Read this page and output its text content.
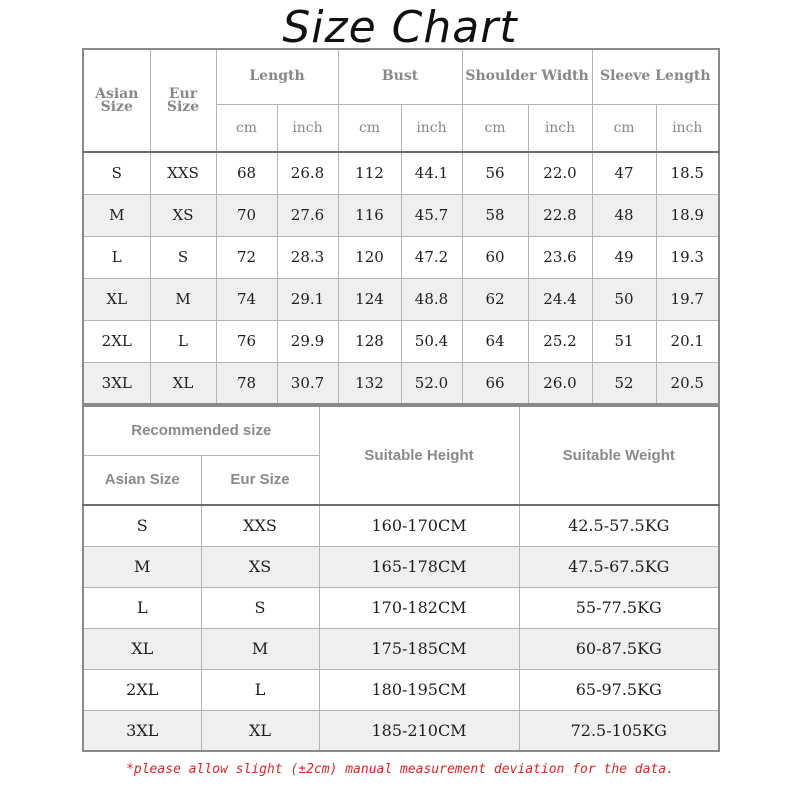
Size Chart
Asian Size	Eur Size	Length		Bust		Shoulder Width		Sleeve Length	
		cm	inch	cm	inch	cm	inch	cm	inch
S	XXS	68	26.8	112	44.1	56	22.0	47	18.5
M	XS	70	27.6	116	45.7	58	22.8	48	18.9
L	S	72	28.3	120	47.2	60	23.6	49	19.3
XL	M	74	29.1	124	48.8	62	24.4	50	19.7
2XL	L	76	29.9	128	50.4	64	25.2	51	20.1
3XL	XL	78	30.7	132	52.0	66	26.0	52	20.5
Recommended size		Suitable Height	Suitable Weight
Asian Size	Eur Size		
S	XXS	160-170CM	42.5-57.5KG
M	XS	165-178CM	47.5-67.5KG
L	S	170-182CM	55-77.5KG
XL	M	175-185CM	60-87.5KG
2XL	L	180-195CM	65-97.5KG
3XL	XL	185-210CM	72.5-105KG
*please allow slight (±2cm) manual measurement deviation for the data.
